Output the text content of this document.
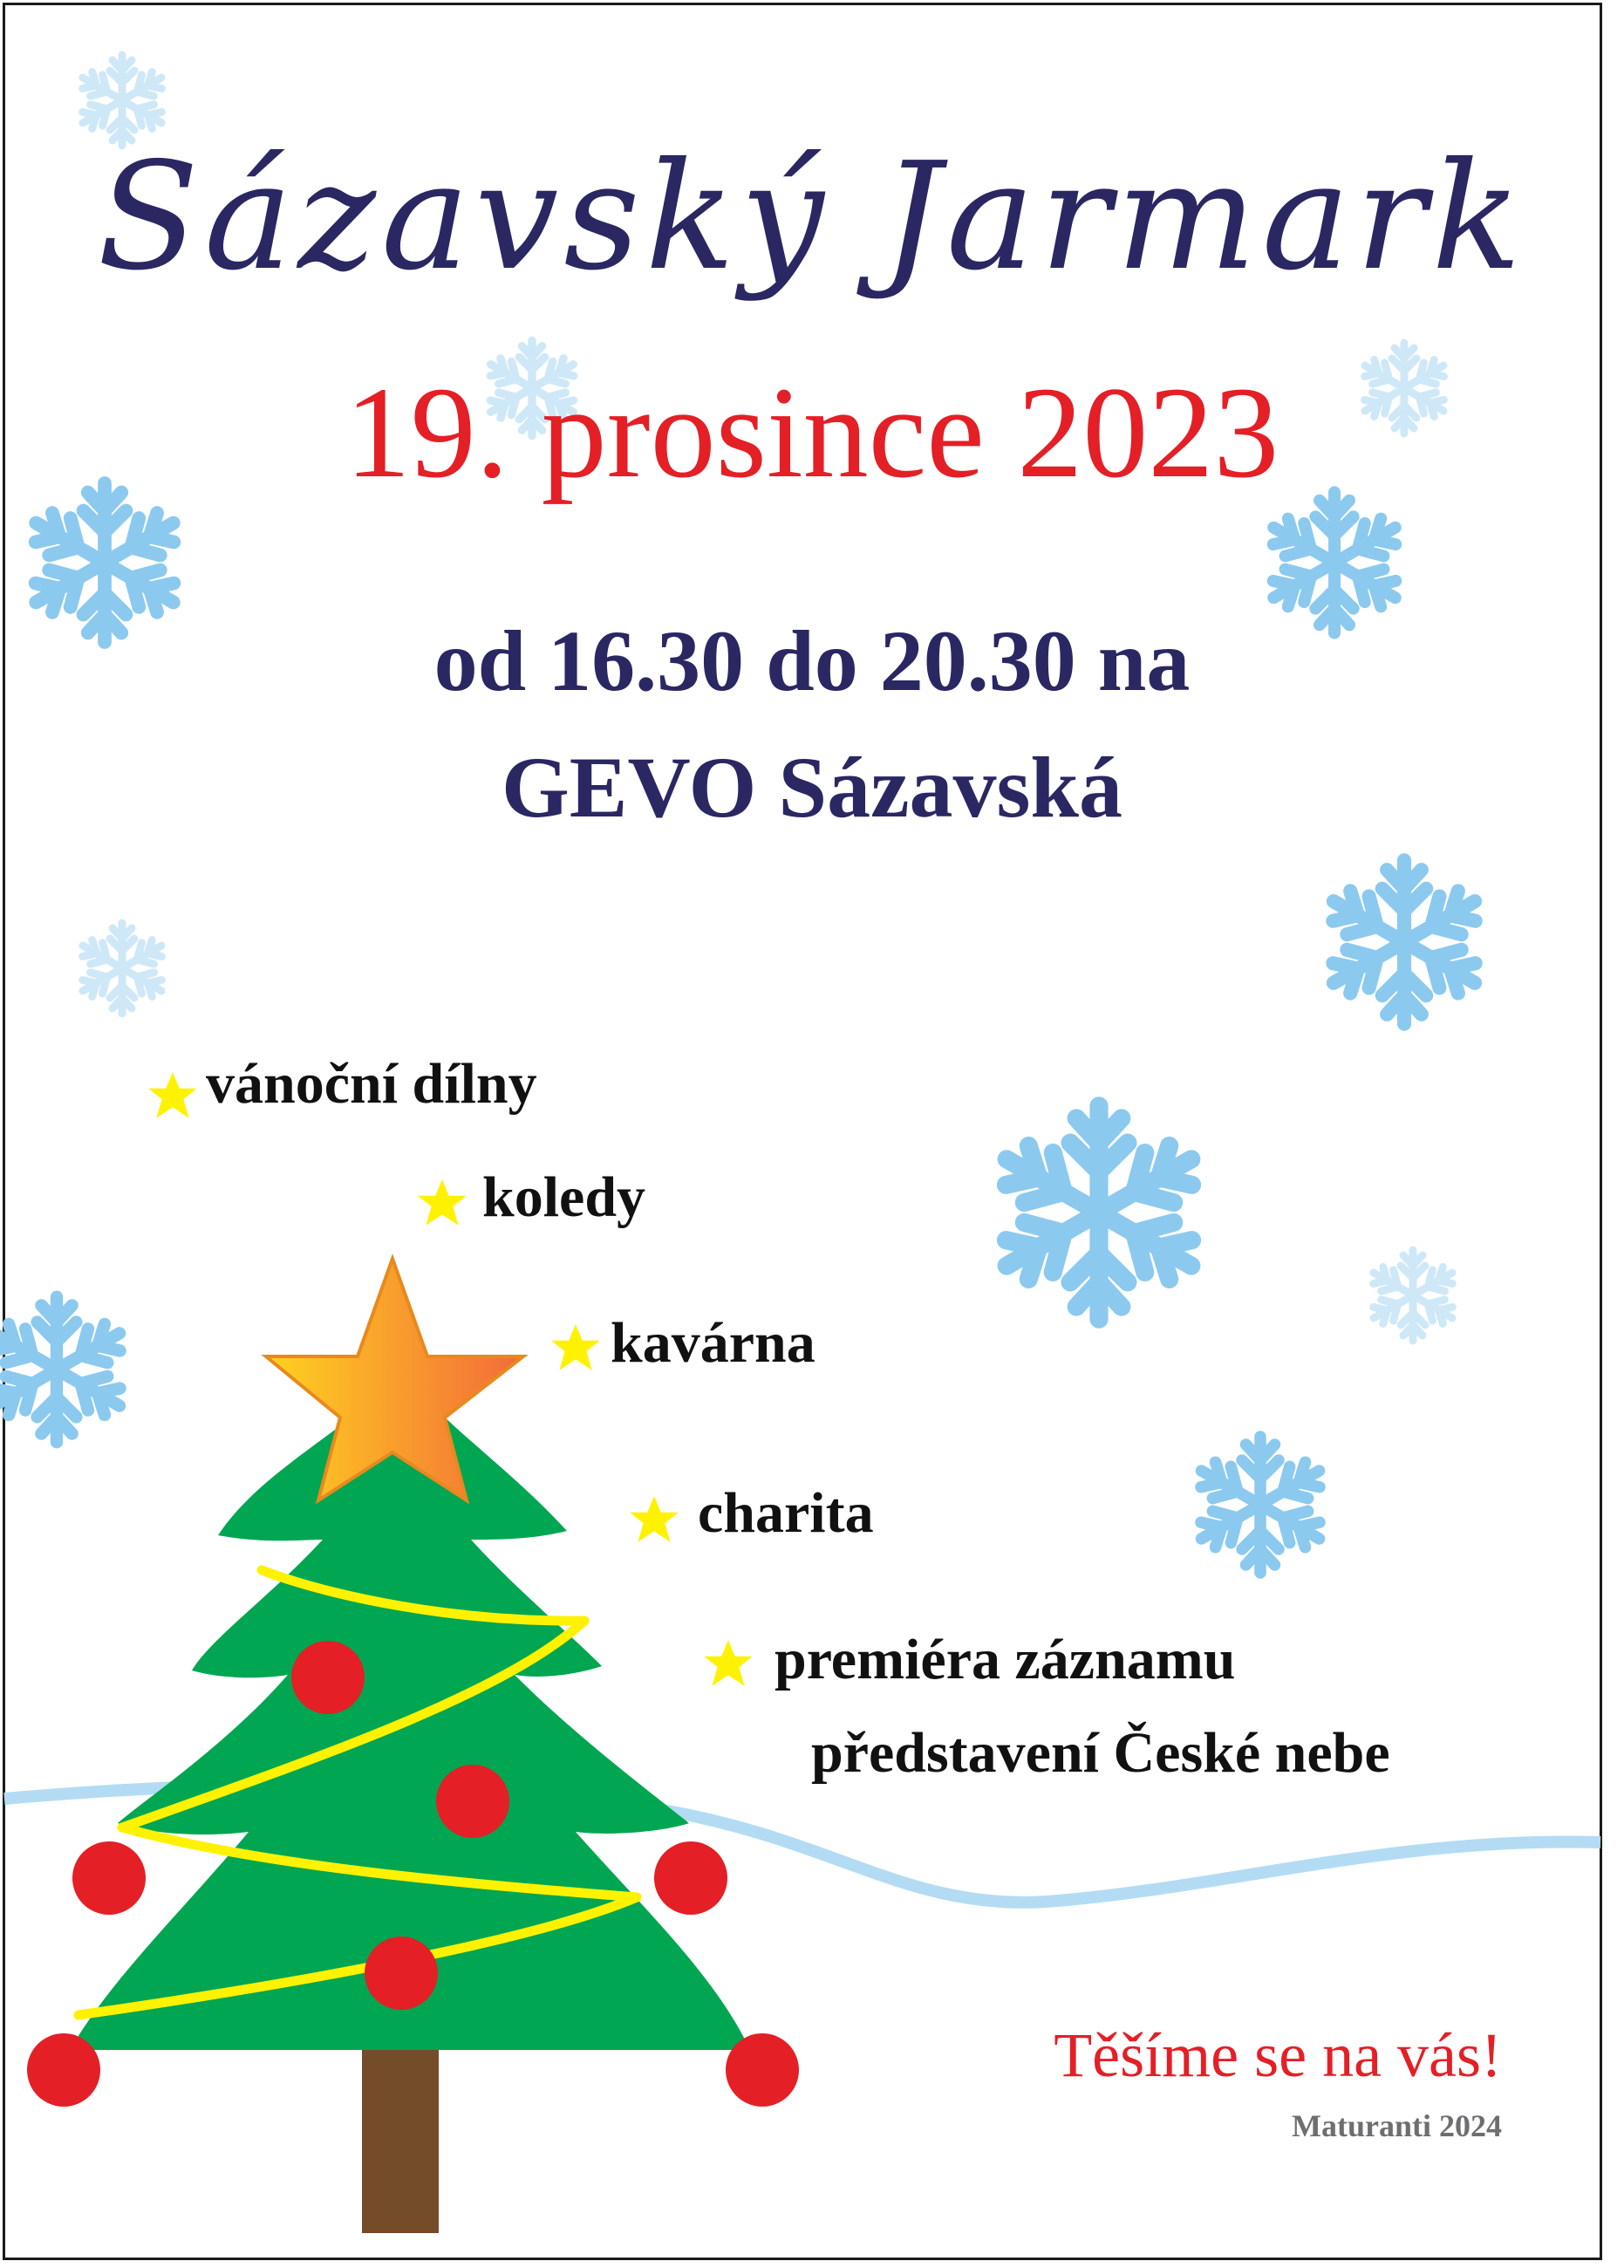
Sázavský Jarmark

19. prosince 2023

od 16.30 do 20.30 na

GEVO Sázavská

vánoční dílny

koledy

kavárna

charita

premiéra záznamu

představení České nebe

Těšíme se na vás!

Maturanti 2024
